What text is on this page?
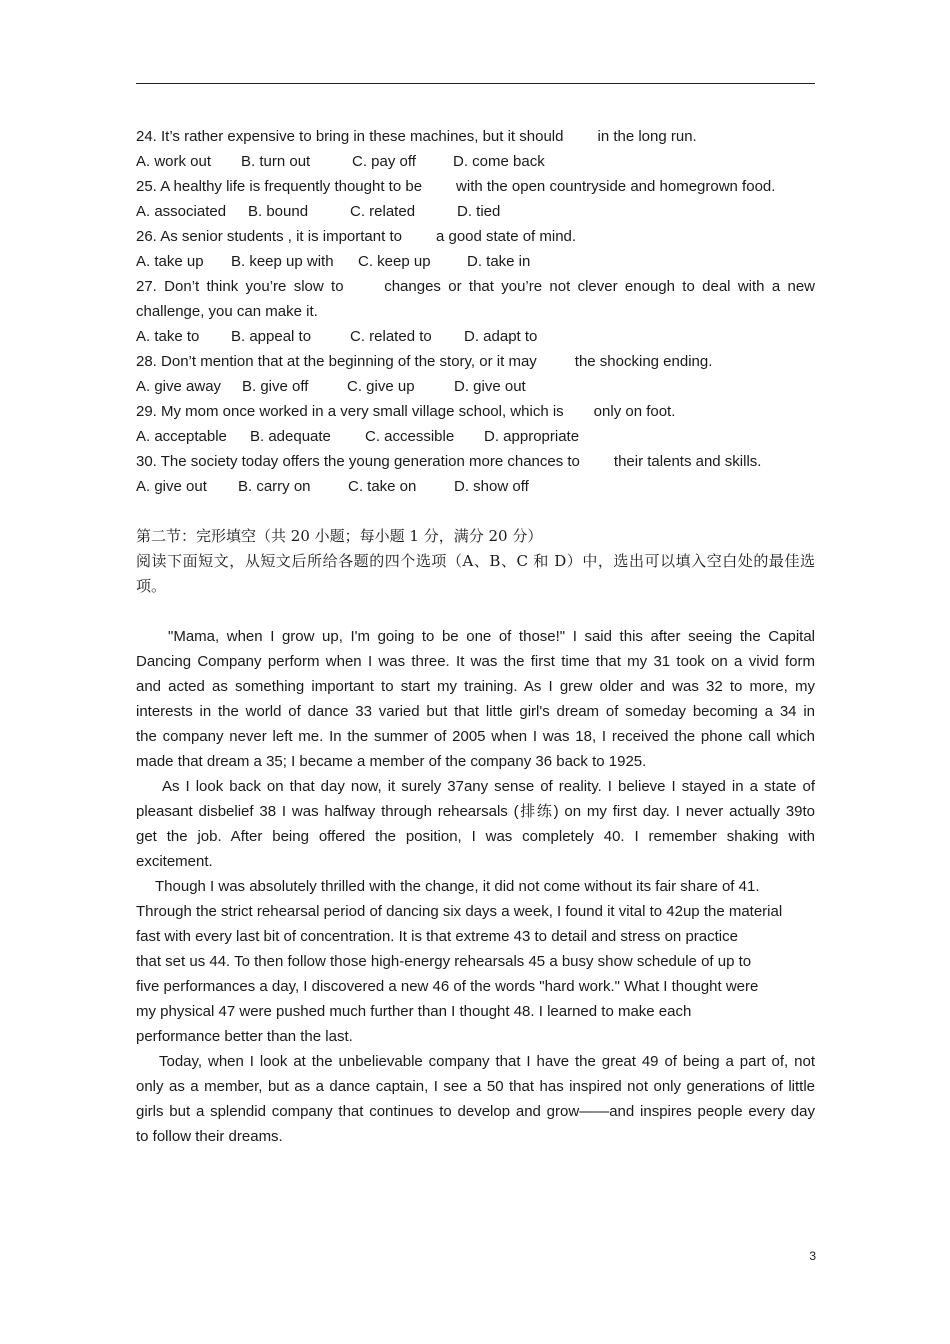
24. It’s rather expensive to bring in these machines, but it should in the long run.
A. work out B. turn out	C. pay off D. come back
25. A healthy life is frequently thought to be with the open countryside and homegrown food.
A. associated B. bound	C. related	D. tied
26. As senior students , it is important to a good state of mind.
A. take up B. keep up with C. keep up D. take in
27. Don’t think you’re slow to	changes or that you’re not clever enough to deal with a new
challenge, you can make it.
A. take to B. appeal to	C. related to D. adapt to
28. Don’t mention that at the beginning of the story, or it may	the shocking ending.
A. give away B. give off	C. give up	D. give out
29. My mom once worked in a very small village school, which is only on foot.
A. acceptable B. adequate C. accessible D. appropriate
30. The society today offers the young generation more chances to their talents and skills.
A. give out B. carry on C. take on	D. show off
第二节：完形填空（共 20 小题；每小题 1 分，满分 20 分）
阅读下面短文，从短文后所给各题的四个选项（A、B、C 和 D）中，选出可以填入空白处的最佳选
项。
"Mama, when I grow up, I'm going to be one of those!" I said this after seeing the Capital
Dancing Company perform when I was three. It was the first time that my 31 took on a vivid form
and acted as something important to start my training. As I grew older and was 32 to more, my
interests in the world of dance 33 varied but that little girl's dream of someday becoming a 34 in
the company never left me. In the summer of 2005 when I was 18, I received the phone call which
made that dream a 35; I became a member of the company 36 back to 1925.
As I look back on that day now, it surely 37any sense of reality. I believe I stayed in a state of
pleasant disbelief 38 I was halfway through rehearsals (排练) on my first day. I never actually 39to
get the job. After being offered the position, I was completely 40. I remember shaking with
excitement.
Though I was absolutely thrilled with the change, it did not come without its fair share of 41.
Through the strict rehearsal period of dancing six days a week, I found it vital to 42up the material
fast with every last bit of concentration. It is that extreme 43 to detail and stress on practice
that set us 44. To then follow those high-energy rehearsals 45 a busy show schedule of up to
five performances a day, I discovered a new 46 of the words "hard work." What I thought were
my physical 47 were pushed much further than I thought 48. I learned to make each
performance better than the last.
Today, when I look at the unbelievable company that I have the great 49 of being a part of, not
only as a member, but as a dance captain, I see a 50 that has inspired not only generations of little
girls but a splendid company that continues to develop and grow——and inspires people every day
to follow their dreams.
3
